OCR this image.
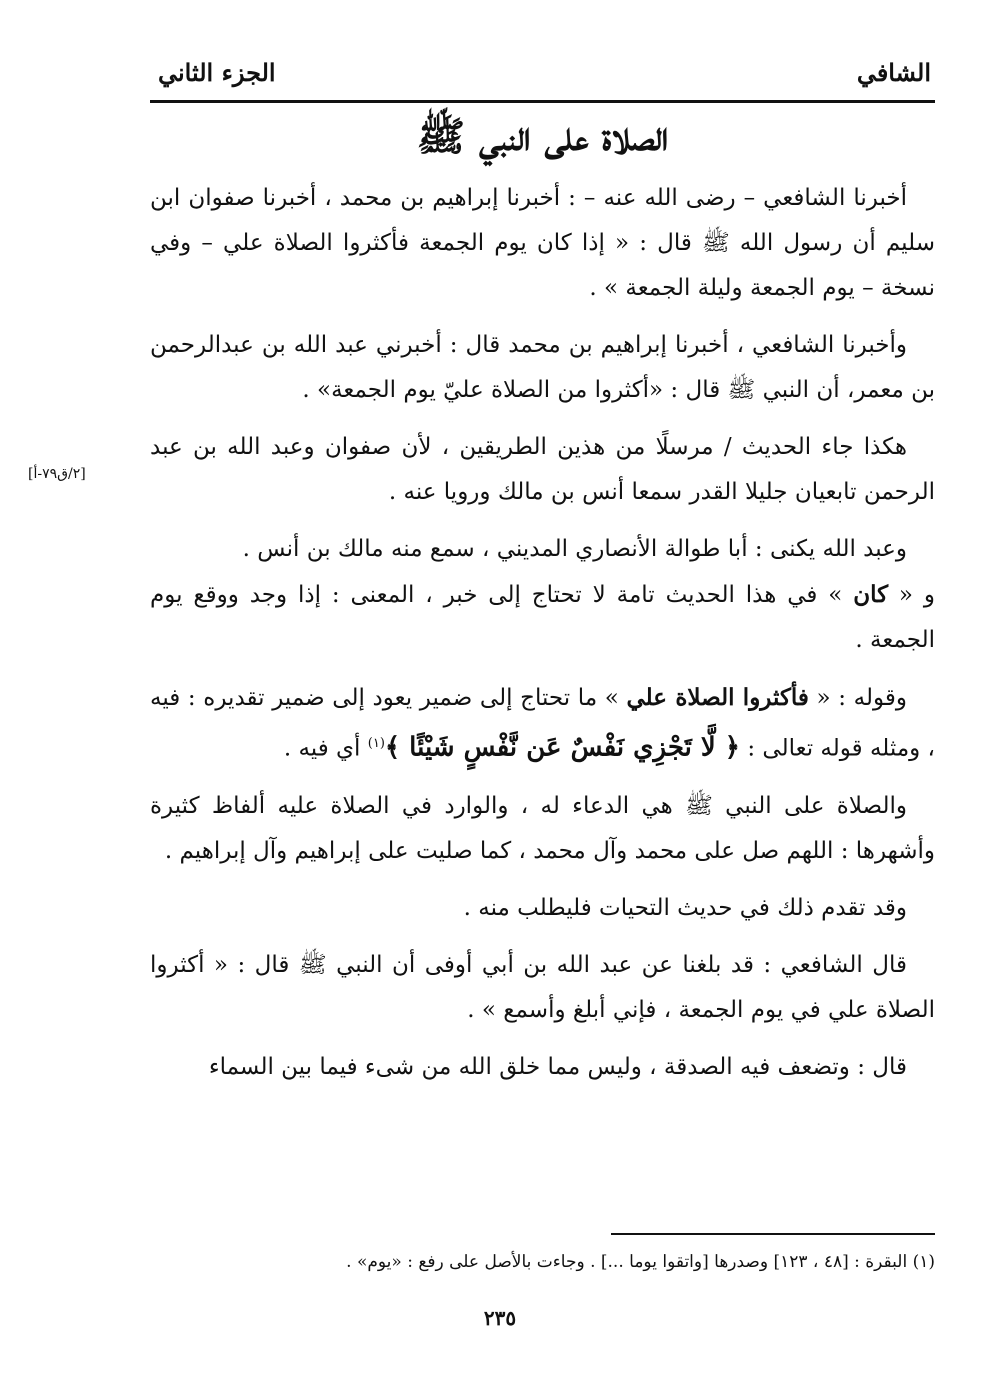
الشافي
الجزء الثاني
الصلاة على النبي ﷺ
[٢/ق٧٩-أ]

أخبرنا الشافعي – رضى الله عنه – : أخبرنا إبراهيم بن محمد ، أخبرنا صفوان ابن سليم أن رسول الله ﷺ قال : « إذا كان يوم الجمعة فأكثروا الصلاة علي – وفي نسخة – يوم الجمعة وليلة الجمعة » .

وأخبرنا الشافعي ، أخبرنا إبراهيم بن محمد قال : أخبرني عبد الله بن عبدالرحمن بن معمر، أن النبي ﷺ قال : «أكثروا من الصلاة عليّ يوم الجمعة» .

هكذا جاء الحديث / مرسلًا من هذين الطريقين ، لأن صفوان وعبد الله بن عبد الرحمن تابعيان جليلا القدر سمعا أنس بن مالك ورويا عنه .

وعبد الله يكنى : أبا طوالة الأنصاري المديني ، سمع منه مالك بن أنس .
و « كان » في هذا الحديث تامة لا تحتاج إلى خبر ، المعنى : إذا وجد ووقع يوم الجمعة .

وقوله : « فأكثروا الصلاة علي » ما تحتاج إلى ضمير يعود إلى ضمير تقديره : فيه ، ومثله قوله تعالى : ﴿ لَّا تَجْزِي نَفْسٌ عَن نَّفْسٍ شَيْئًا ﴾$^{(١)}$ أي فيه .

والصلاة على النبي ﷺ هي الدعاء له ، والوارد في الصلاة عليه ألفاظ كثيرة وأشهرها : اللهم صل على محمد وآل محمد ، كما صليت على إبراهيم وآل إبراهيم .

وقد تقدم ذلك في حديث التحيات فليطلب منه .

قال الشافعي : قد بلغنا عن عبد الله بن أبي أوفى أن النبي ﷺ قال : « أكثروا الصلاة علي في يوم الجمعة ، فإني أبلغ وأسمع » .

قال : وتضعف فيه الصدقة ، وليس مما خلق الله من شىء فيما بين السماء

(١) البقرة : [٤٨ ، ١٢٣] وصدرها [واتقوا يوما ...] . وجاءت بالأصل على رفع : «يوم» .
٢٣٥
